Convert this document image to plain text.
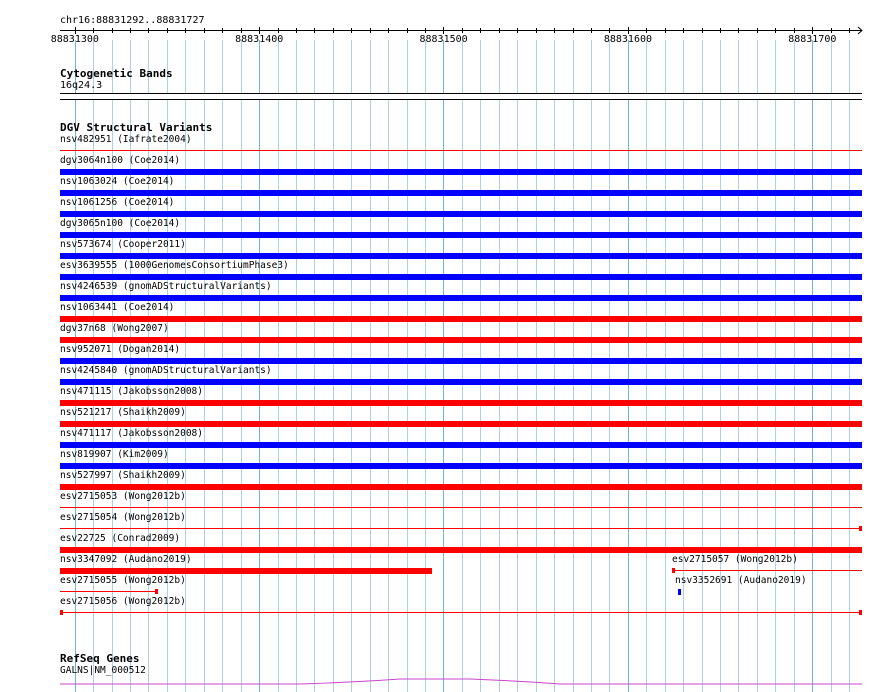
chr16:88831292..88831727
88831300	88831400	88831500	88831600	88831700
Cytogenetic Bands
16q24.3
DGV Structural Variants
nsv482951 (Iafrate2004)
dgv3064n100 (Coe2014)
nsv1063024 (Coe2014)
nsv1061256 (Coe2014)
dgv3065n100 (Coe2014)
nsv573674 (Cooper2011)
esv3639555 (1000GenomesConsortiumPhase3)
nsv4246539 (gnomADStructuralVariants)
nsv1063441 (Coe2014)
dgv37n68 (Wong2007)
nsv952071 (Dogan2014)
nsv4245840 (gnomADStructuralVariants)
nsv471115 (Jakobsson2008)
nsv521217 (Shaikh2009)
nsv471117 (Jakobsson2008)
nsv819907 (Kim2009)
nsv527997 (Shaikh2009)
esv2715053 (Wong2012b)
esv2715054 (Wong2012b)
esv22725 (Conrad2009)
nsv3347092 (Audano2019)	esv2715057 (Wong2012b)
esv2715055 (Wong2012b)	nsv3352691 (Audano2019)
esv2715056 (Wong2012b)
RefSeq Genes
GALNS|NM_000512
